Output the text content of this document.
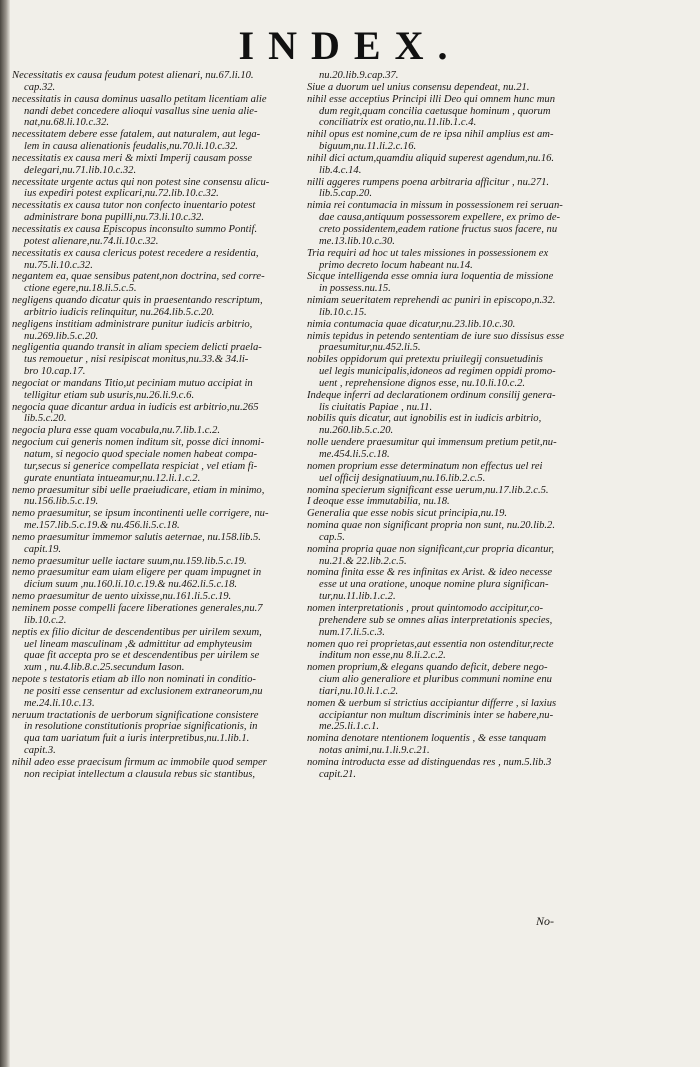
INDEX.
Necessitatis ex causa feudum potest alienari, nu.67.li.10.
cap.32.
necessitatis in causa dominus uasallo petitam licentiam alie
nandi debet concedere alioqui vasallus sine uenia alie-
nat,nu.68.li.10.c.32.
necessitatem debere esse fatalem, aut naturalem, aut lega-
lem in causa alienationis feudalis,nu.70.li.10.c.32.
necessitatis ex causa meri & mixti Imperij causam posse
delegari,nu.71.lib.10.c.32.
necessitate urgente actus qui non potest sine consensu alicu-
ius expediri potest explicari,nu.72.lib.10.c.32.
necessitatis ex causa tutor non confecto inuentario potest
administrare bona pupilli,nu.73.li.10.c.32.
necessitatis ex causa Episcopus inconsulto summo Pontif.
potest alienare,nu.74.li.10.c.32.
necessitatis ex causa clericus potest recedere a residentia,
nu.75.li.10.c.32.
negantem ea, quae sensibus patent,non doctrina, sed corre-
ctione egere,nu.18.li.5.c.5.
negligens quando dicatur quis in praesentando rescriptum,
arbitrio iudicis relinquitur, nu.264.lib.5.c.20.
negligens institiam administrare punitur iudicis arbitrio,
nu.269.lib.5.c.20.
negligentia quando transit in aliam speciem delicti praela-
tus remouetur , nisi resipiscat monitus,nu.33.& 34.li-
bro 10.cap.17.
negociat or mandans Titio,ut peciniam mutuo accipiat in
telligitur etiam sub usuris,nu.26.li.9.c.6.
negocia quae dicantur ardua in iudicis est arbitrio,nu.265
lib.5.c.20.
negocia plura esse quam vocabula,nu.7.lib.1.c.2.
negocium cui generis nomen inditum sit, posse dici innomi-
natum, si negocio quod speciale nomen habeat compa-
tur,secus si generice compellata respiciat , vel etiam fi-
gurate enuntiata intueamur,nu.12.li.1.c.2.
nemo praesumitur sibi uelle praeiudicare, etiam in minimo,
nu.156.lib.5.c.19.
nemo praesumitur, se ipsum incontinenti uelle corrigere, nu-
me.157.lib.5.c.19.& nu.456.li.5.c.18.
nemo praesumitur immemor salutis aeternae, nu.158.lib.5.
capit.19.
nemo praesumitur uelle iactare suum,nu.159.lib.5.c.19.
nemo praesumitur eam uiam eligere per quam impugnet in
dicium suum ,nu.160.li.10.c.19.& nu.462.li.5.c.18.
nemo praesumitur de uento uixisse,nu.161.li.5.c.19.
neminem posse compelli facere liberationes generales,nu.7
lib.10.c.2.
neptis ex filio dicitur de descendentibus per uirilem sexum,
uel lineam masculinam ,& admittitur ad emphyteusim
quae fit accepta pro se et descendentibus per uirilem se
xum , nu.4.lib.8.c.25.secundum Iason.
nepote s testatoris etiam ab illo non nominati in conditio-
ne positi esse censentur ad exclusionem extraneorum,nu
me.24.li.10.c.13.
neruum tractationis de uerborum significatione consistere
in resolutione constitutionis propriae significationis, in
qua tam uariatum fuit a iuris interpretibus,nu.1.lib.1.
capit.3.
nihil adeo esse praecisum firmum ac immobile quod semper
non recipiat intellectum a clausula rebus sic stantibus,
nu.20.lib.9.cap.37.
Siue a duorum uel unius consensu dependeat, nu.21.
nihil esse acceptius Principi illi Deo qui omnem hunc mun
dum regit,quam concilia caetusque hominum , quorum
conciliatrix est oratio,nu.11.lib.1.c.4.
nihil opus est nomine,cum de re ipsa nihil amplius est am-
biguum,nu.11.li.2.c.16.
nihil dici actum,quamdiu aliquid superest agendum,nu.16.
lib.4.c.14.
nilli aggeres rumpens poena arbitraria afficitur , nu.271.
lib.5.cap.20.
nimia rei contumacia in missum in possessionem rei seruan-
dae causa,antiquum possessorem expellere, ex primo de-
creto possidentem,eadem ratione fructus suos facere, nu
me.13.lib.10.c.30.
Tria requiri ad hoc ut tales missiones in possessionem ex
primo decreto locum habeant nu.14.
Sicque intelligenda esse omnia iura loquentia de missione
in possess.nu.15.
nimiam seueritatem reprehendi ac puniri in episcopo,n.32.
lib.10.c.15.
nimia contumacia quae dicatur,nu.23.lib.10.c.30.
nimis tepidus in petendo sententiam de iure suo dissisus esse
praesumitur,nu.452.li.5.
nobiles oppidorum qui pretextu priuilegij consuetudinis
uel legis municipalis,idoneos ad regimen oppidi promo-
uent , reprehensione dignos esse, nu.10.li.10.c.2.
Indeque inferri ad declarationem ordinum consilij genera-
lis ciuitatis Papiae , nu.11.
nobilis quis dicatur, aut ignobilis est in iudicis arbitrio,
nu.260.lib.5.c.20.
nolle uendere praesumitur qui immensum pretium petit,nu-
me.454.li.5.c.18.
nomen proprium esse determinatum non effectus uel rei
uel officij designatiuum,nu.16.lib.2.c.5.
nomina specierum significant esse uerum,nu.17.lib.2.c.5.
I deoque esse immutabilia, nu.18.
Generalia que esse nobis sicut principia,nu.19.
nomina quae non significant propria non sunt, nu.20.lib.2.
cap.5.
nomina propria quae non significant,cur propria dicantur,
nu.21.& 22.lib.2.c.5.
nomina finita esse & res infinitas ex Arist. & ideo necesse
esse ut una oratione, unoque nomine plura significan-
tur,nu.11.lib.1.c.2.
nomen interpretationis , prout quintomodo accipitur,co-
prehendere sub se omnes alias interpretationis species,
num.17.li.5.c.3.
nomen quo rei proprietas,aut essentia non ostenditur,recte
inditum non esse,nu 8.li.2.c.2.
nomen proprium,& elegans quando deficit, debere nego-
cium alio generaliore et pluribus communi nomine enu
tiari,nu.10.li.1.c.2.
nomen & uerbum si strictius accipiantur differre , si laxius
accipiantur non multum discriminis inter se habere,nu-
me.25.li.1.c.1.
nomina denotare ntentionem loquentis , & esse tanquam
notas animi,nu.1.li.9.c.21.
nomina introducta esse ad distinguendas res , num.5.lib.3
capit.21.
No-
